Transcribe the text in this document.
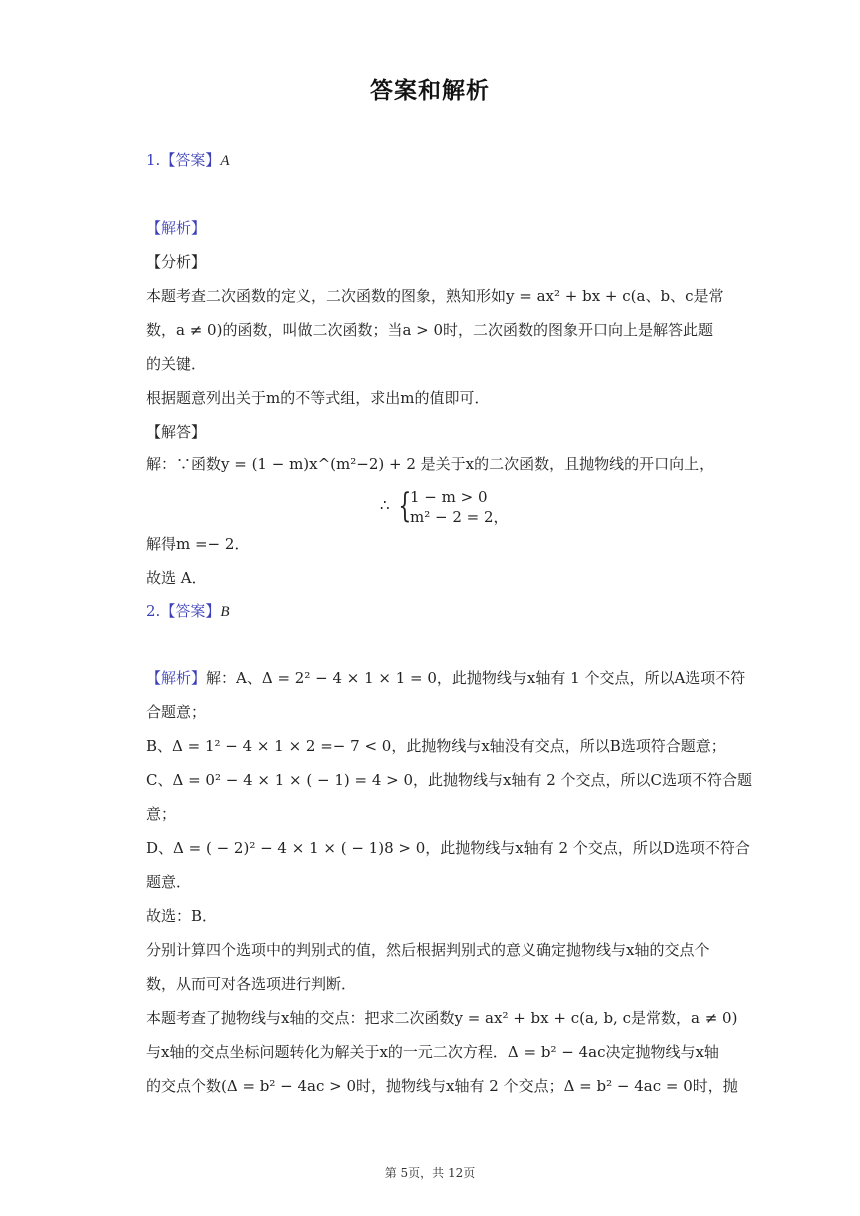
答案和解析
1.【答案】A
【解析】
【分析】
本题考查二次函数的定义，二次函数的图象，熟知形如y = ax² + bx + c(a、b、c是常
数，a ≠ 0)的函数，叫做二次函数；当a > 0时，二次函数的图象开口向上是解答此题
的关键．
根据题意列出关于m的不等式组，求出m的值即可．
【解答】
解：∵函数y = (1 − m)x^(m²−2) + 2 是关于x的二次函数，且抛物线的开口向上，
∴ {
1 − m > 0
m² − 2 = 2，
解得m =− 2．
故选 A．
2.【答案】B
【解析】解：A、Δ = 2² − 4 × 1 × 1 = 0，此抛物线与x轴有 1 个交点，所以A选项不符
合题意；
B、Δ = 1² − 4 × 1 × 2 =− 7 < 0，此抛物线与x轴没有交点，所以B选项符合题意；
C、Δ = 0² − 4 × 1 × ( − 1) = 4 > 0，此抛物线与x轴有 2 个交点，所以C选项不符合题
意；
D、Δ = ( − 2)² − 4 × 1 × ( − 1)8 > 0，此抛物线与x轴有 2 个交点，所以D选项不符合
题意．
故选：B．
分别计算四个选项中的判别式的值，然后根据判别式的意义确定抛物线与x轴的交点个
数，从而可对各选项进行判断．
本题考查了抛物线与x轴的交点：把求二次函数y = ax² + bx + c(a, b, c是常数，a ≠ 0)
与x轴的交点坐标问题转化为解关于x的一元二次方程．Δ = b² − 4ac决定抛物线与x轴
的交点个数(Δ = b² − 4ac > 0时，抛物线与x轴有 2 个交点；Δ = b² − 4ac = 0时，抛
第 5页，共 12页
